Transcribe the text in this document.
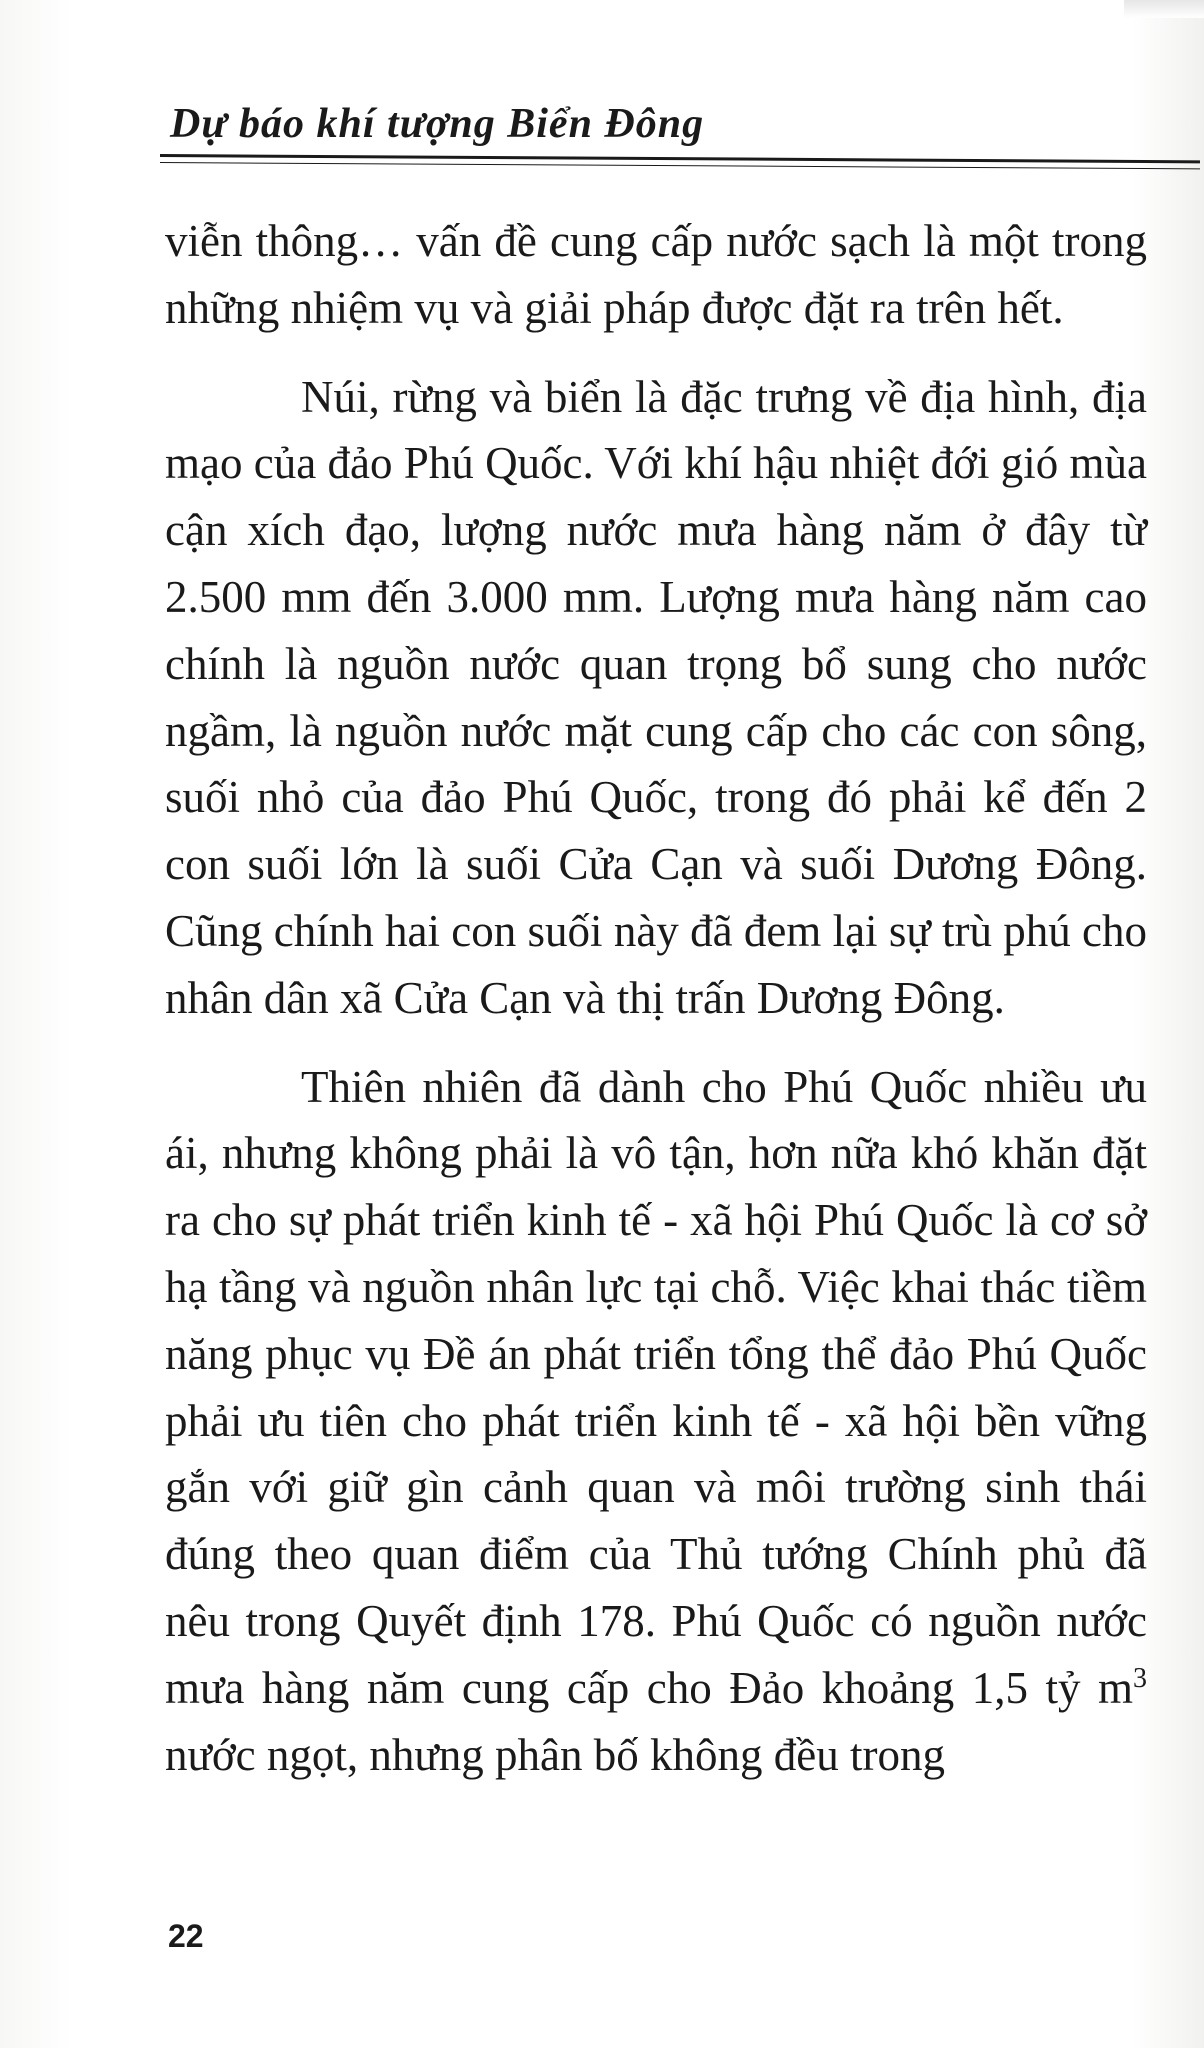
Dự báo khí tượng Biển Đông

viễn thông… vấn đề cung cấp nước sạch là một trong những nhiệm vụ và giải pháp được đặt ra trên hết.

Núi, rừng và biển là đặc trưng về địa hình, địa mạo của đảo Phú Quốc. Với khí hậu nhiệt đới gió mùa cận xích đạo, lượng nước mưa hàng năm ở đây từ 2.500 mm đến 3.000 mm. Lượng mưa hàng năm cao chính là nguồn nước quan trọng bổ sung cho nước ngầm, là nguồn nước mặt cung cấp cho các con sông, suối nhỏ của đảo Phú Quốc, trong đó phải kể đến 2 con suối lớn là suối Cửa Cạn và suối Dương Đông. Cũng chính hai con suối này đã đem lại sự trù phú cho nhân dân xã Cửa Cạn và thị trấn Dương Đông.

Thiên nhiên đã dành cho Phú Quốc nhiều ưu ái, nhưng không phải là vô tận, hơn nữa khó khăn đặt ra cho sự phát triển kinh tế - xã hội Phú Quốc là cơ sở hạ tầng và nguồn nhân lực tại chỗ. Việc khai thác tiềm năng phục vụ Đề án phát triển tổng thể đảo Phú Quốc phải ưu tiên cho phát triển kinh tế - xã hội bền vững gắn với giữ gìn cảnh quan và môi trường sinh thái đúng theo quan điểm của Thủ tướng Chính phủ đã nêu trong Quyết định 178. Phú Quốc có nguồn nước mưa hàng năm cung cấp cho Đảo khoảng 1,5 tỷ $m^3$ nước ngọt, nhưng phân bố không đều trong

22
